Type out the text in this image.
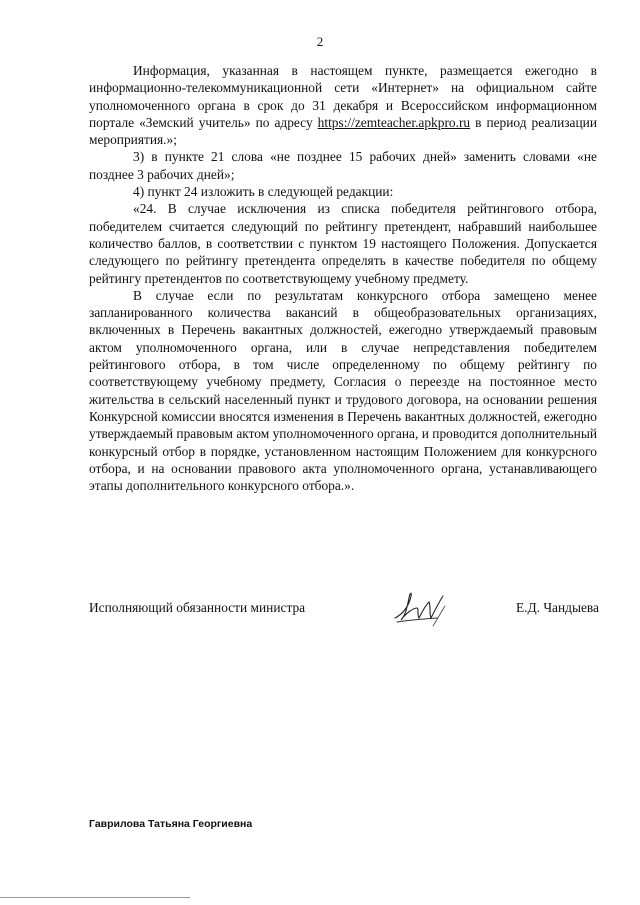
2

Информация, указанная в настоящем пункте, размещается ежегодно в информационно-телекоммуникационной сети «Интернет» на официальном сайте уполномоченного органа в срок до 31 декабря и Всероссийском информационном портале «Земский учитель» по адресу https://zemteacher.apkpro.ru в период реализации мероприятия.»;

3) в пункте 21 слова «не позднее 15 рабочих дней» заменить словами «не позднее 3 рабочих дней»;

4) пункт 24 изложить в следующей редакции:

«24. В случае исключения из списка победителя рейтингового отбора, победителем считается следующий по рейтингу претендент, набравший наибольшее количество баллов, в соответствии с пунктом 19 настоящего Положения. Допускается следующего по рейтингу претендента определять в качестве победителя по общему рейтингу претендентов по соответствующему учебному предмету.

В случае если по результатам конкурсного отбора замещено менее запланированного количества вакансий в общеобразовательных организациях, включенных в Перечень вакантных должностей, ежегодно утверждаемый правовым актом уполномоченного органа, или в случае непредставления победителем рейтингового отбора, в том числе определенному по общему рейтингу по соответствующему учебному предмету, Согласия о переезде на постоянное место жительства в сельский населенный пункт и трудового договора, на основании решения Конкурсной комиссии вносятся изменения в Перечень вакантных должностей, ежегодно утверждаемый правовым актом уполномоченного органа, и проводится дополнительный конкурсный отбор в порядке, установленном настоящим Положением для конкурсного отбора, и на основании правового акта уполномоченного органа, устанавливающего этапы дополнительного конкурсного отбора.».

Исполняющий обязанности министра	Е.Д. Чандыева
Гаврилова Татьяна Георгиевна
